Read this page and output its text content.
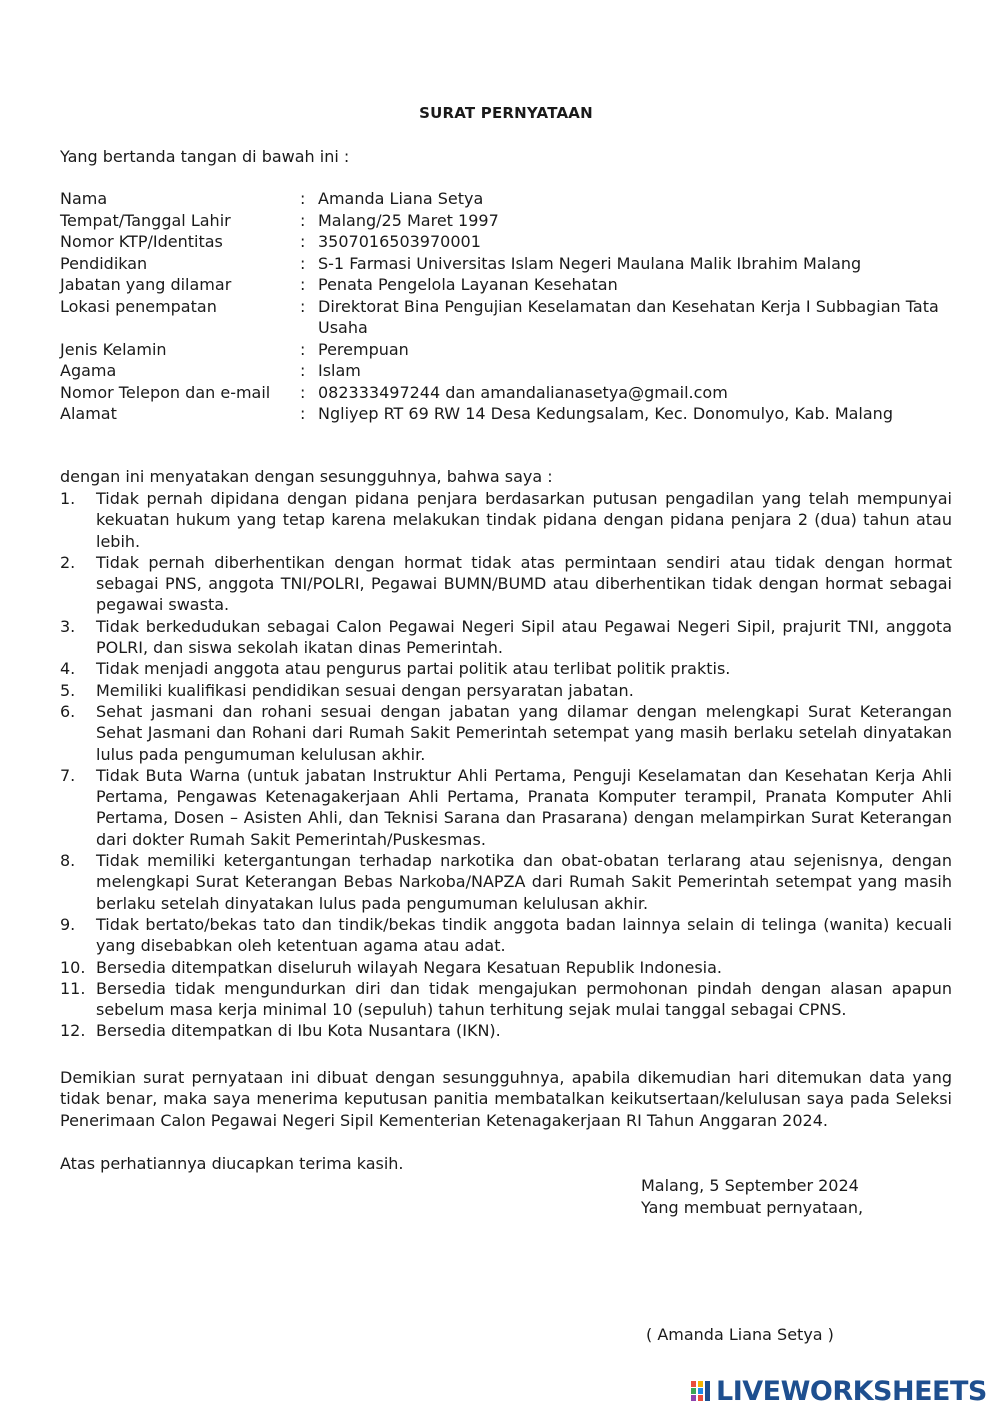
SURAT PERNYATAAN
Yang bertanda tangan di bawah ini :
Nama	:	Amanda Liana Setya
Tempat/Tanggal Lahir	:	Malang/25 Maret 1997
Nomor KTP/Identitas	:	3507016503970001
Pendidikan	:	S-1 Farmasi Universitas Islam Negeri Maulana Malik Ibrahim Malang
Jabatan yang dilamar	:	Penata Pengelola Layanan Kesehatan
Lokasi penempatan	:	Direktorat Bina Pengujian Keselamatan dan Kesehatan Kerja I Subbagian Tata Usaha
Jenis Kelamin	:	Perempuan
Agama	:	Islam
Nomor Telepon dan e-mail	:	082333497244 dan amandalianasetya@gmail.com
Alamat	:	Ngliyep RT 69 RW 14 Desa Kedungsalam, Kec. Donomulyo, Kab. Malang
dengan ini menyatakan dengan sesungguhnya, bahwa saya :
1. Tidak pernah dipidana dengan pidana penjara berdasarkan putusan pengadilan yang telah mempunyai kekuatan hukum yang tetap karena melakukan tindak pidana dengan pidana penjara 2 (dua) tahun atau lebih.
2. Tidak pernah diberhentikan dengan hormat tidak atas permintaan sendiri atau tidak dengan hormat sebagai PNS, anggota TNI/POLRI, Pegawai BUMN/BUMD atau diberhentikan tidak dengan hormat sebagai pegawai swasta.
3. Tidak berkedudukan sebagai Calon Pegawai Negeri Sipil atau Pegawai Negeri Sipil, prajurit TNI, anggota POLRI, dan siswa sekolah ikatan dinas Pemerintah.
4. Tidak menjadi anggota atau pengurus partai politik atau terlibat politik praktis.
5. Memiliki kualifikasi pendidikan sesuai dengan persyaratan jabatan.
6. Sehat jasmani dan rohani sesuai dengan jabatan yang dilamar dengan melengkapi Surat Keterangan Sehat Jasmani dan Rohani dari Rumah Sakit Pemerintah setempat yang masih berlaku setelah dinyatakan lulus pada pengumuman kelulusan akhir.
7. Tidak Buta Warna (untuk jabatan Instruktur Ahli Pertama, Penguji Keselamatan dan Kesehatan Kerja Ahli Pertama, Pengawas Ketenagakerjaan Ahli Pertama, Pranata Komputer terampil, Pranata Komputer Ahli Pertama, Dosen – Asisten Ahli, dan Teknisi Sarana dan Prasarana) dengan melampirkan Surat Keterangan dari dokter Rumah Sakit Pemerintah/Puskesmas.
8. Tidak memiliki ketergantungan terhadap narkotika dan obat-obatan terlarang atau sejenisnya, dengan melengkapi Surat Keterangan Bebas Narkoba/NAPZA dari Rumah Sakit Pemerintah setempat yang masih berlaku setelah dinyatakan lulus pada pengumuman kelulusan akhir.
9. Tidak bertato/bekas tato dan tindik/bekas tindik anggota badan lainnya selain di telinga (wanita) kecuali yang disebabkan oleh ketentuan agama atau adat.
10. Bersedia ditempatkan diseluruh wilayah Negara Kesatuan Republik Indonesia.
11. Bersedia tidak mengundurkan diri dan tidak mengajukan permohonan pindah dengan alasan apapun sebelum masa kerja minimal 10 (sepuluh) tahun terhitung sejak mulai tanggal sebagai CPNS.
12. Bersedia ditempatkan di Ibu Kota Nusantara (IKN).
Demikian surat pernyataan ini dibuat dengan sesungguhnya, apabila dikemudian hari ditemukan data yang tidak benar, maka saya menerima keputusan panitia membatalkan keikutsertaan/kelulusan saya pada Seleksi Penerimaan Calon Pegawai Negeri Sipil Kementerian Ketenagakerjaan RI Tahun Anggaran 2024.
Atas perhatiannya diucapkan terima kasih.
Malang, 5 September 2024
Yang membuat pernyataan,
( Amanda Liana Setya )
LIVEWORKSHEETS
